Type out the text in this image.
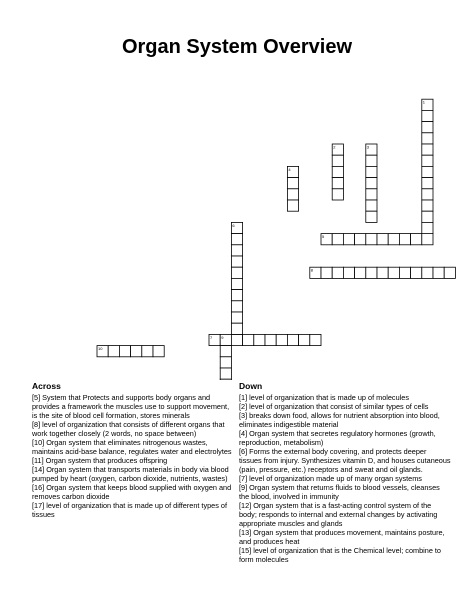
Organ System Overview
10
5
8
7
1
2	3
4
6
9
Across
[5] System that Protects and supports body organs and provides a framework the muscles use to support movement, is the site of blood cell formation, stores minerals
[8] level of organization that consists of different organs that work together closely (2 words, no space between)
[10] Organ system that eliminates nitrogenous wastes, maintains acid-base balance, regulates water and electrolytes
[11] Organ system that produces offspring
[14] Organ system that transports materials in body via blood pumped by heart (oxygen, carbon dioxide, nutrients, wastes)
[16] Organ system that keeps blood supplied with oxygen and removes carbon dioxide
[17] level of organization that is made up of different types of tissues
Down
[1] level of organization that is made up of molecules
[2] level of organization that consist of similar types of cells
[3] breaks down food, allows for nutrient absorption into blood, eliminates indigestible material
[4] Organ system that secretes regulatory hormones (growth, reproduction, metabolism)
[6] Forms the external body covering, and protects deeper tissues from injury. Synthesizes vitamin D, and houses cutaneous (pain, pressure, etc.) receptors and sweat and oil glands.
[7] level of organization made up of many organ systems
[9] Organ system that returns fluids to blood vessels, cleanses the blood, involved in immunity
[12] Organ system that is a fast-acting control system of the body; responds to internal and external changes by activating appropriate muscles and glands
[13] Organ system that produces movement, maintains posture, and produces heat
[15] level of organization that is the Chemical level; combine to form molecules
